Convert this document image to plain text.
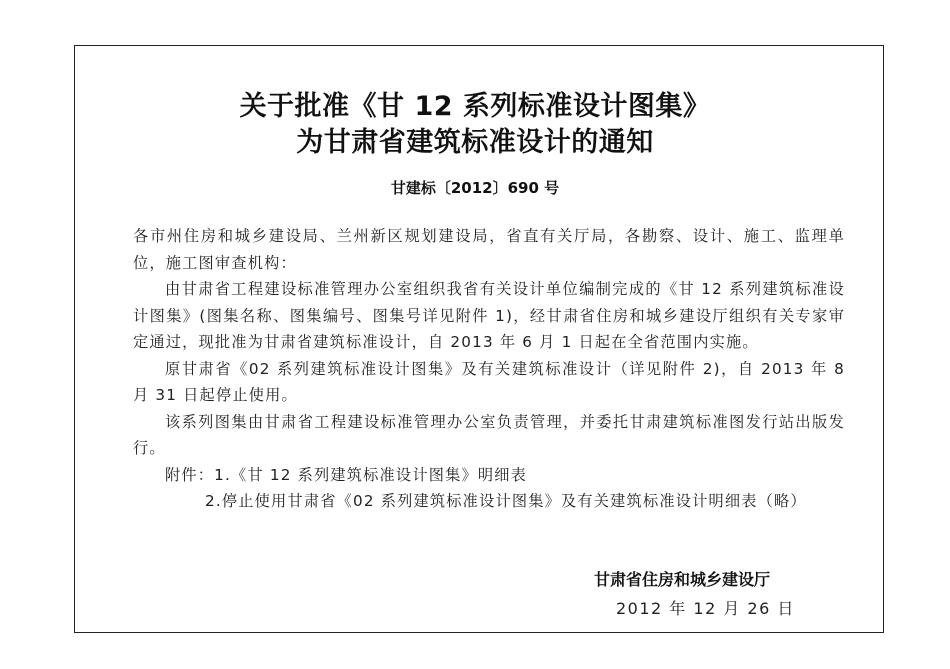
关于批准《甘 12 系列标准设计图集》
为甘肃省建筑标准设计的通知
甘建标〔2012〕690 号

各市州住房和城乡建设局、兰州新区规划建设局，省直有关厅局，各勘察、设计、施工、监理单位，施工图审查机构：

由甘肃省工程建设标准管理办公室组织我省有关设计单位编制完成的《甘 12 系列建筑标准设计图集》(图集名称、图集编号、图集号详见附件 1)，经甘肃省住房和城乡建设厅组织有关专家审定通过，现批准为甘肃省建筑标准设计，自 2013 年 6 月 1 日起在全省范围内实施。

原甘肃省《02 系列建筑标准设计图集》及有关建筑标准设计（详见附件 2)，自 2013 年 8 月 31 日起停止使用。

该系列图集由甘肃省工程建设标准管理办公室负责管理，并委托甘肃建筑标准图发行站出版发行。

附件：1.《甘 12 系列建筑标准设计图集》明细表

2.停止使用甘肃省《02 系列建筑标准设计图集》及有关建筑标准设计明细表（略）

甘肃省住房和城乡建设厅
2012 年 12 月 26 日
